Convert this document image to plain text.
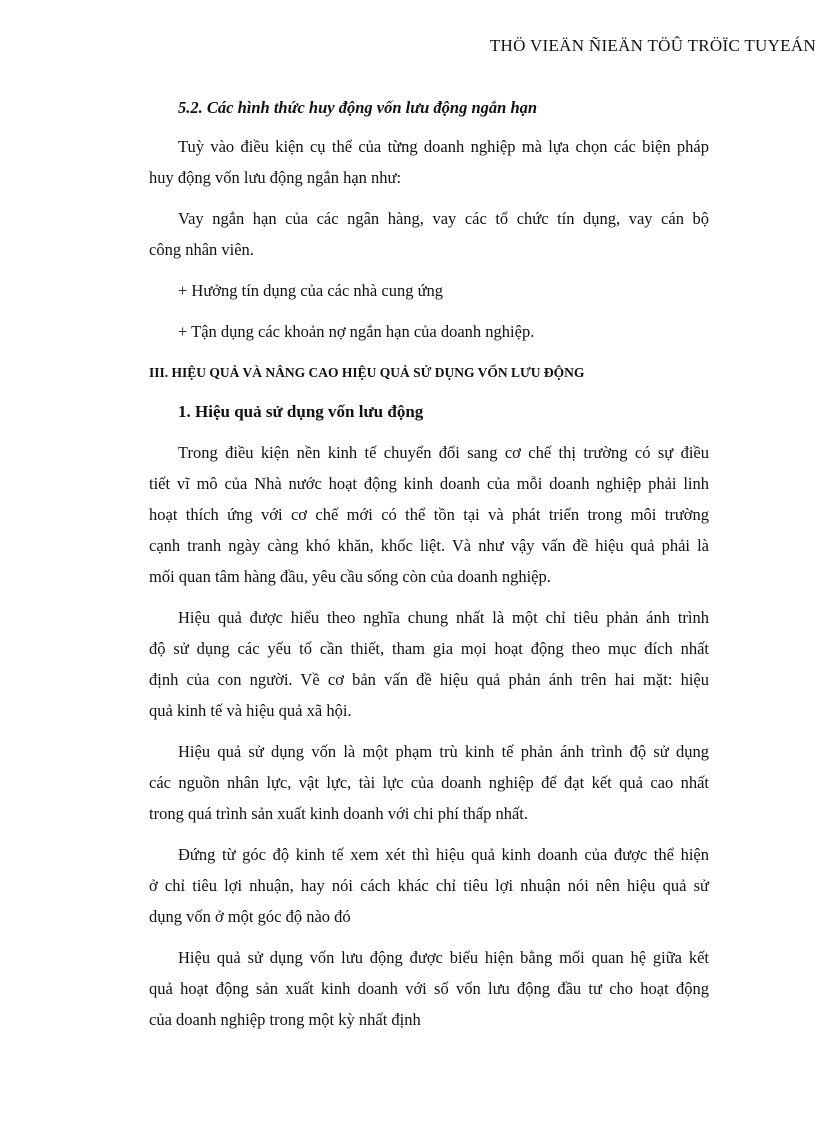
THÖ VIEÄN ÑIEÄN TÖÛ TRÖÏC TUYEÁN
5.2. Các hình thức huy động vốn lưu động ngắn hạn
Tuỳ vào điều kiện cụ thể của từng doanh nghiệp mà lựa chọn các biện pháp
huy động vốn lưu động ngắn hạn như:
Vay ngắn hạn của các ngân hàng, vay các tổ chức tín dụng, vay cán bộ
công nhân viên.
+ Hưởng tín dụng của các nhà cung ứng
+ Tận dụng các khoản nợ ngắn hạn của doanh nghiệp.
III. HIỆU QUẢ VÀ NÂNG CAO HIỆU QUẢ SỬ DỤNG VỐN LƯU ĐỘNG
1. Hiệu quả sử dụng vốn lưu động
Trong điều kiện nền kinh tế chuyển đổi sang cơ chế thị trường có sự điều
tiết vĩ mô của Nhà nước hoạt động kinh doanh của mỗi doanh nghiệp phải linh
hoạt thích ứng với cơ chế mới có thể tồn tại và phát triển trong môi trường
cạnh tranh ngày càng khó khăn, khốc liệt. Và như vậy vấn đề hiệu quả phải là
mối quan tâm hàng đầu, yêu cầu sống còn của doanh nghiệp.
Hiệu quả được hiểu theo nghĩa chung nhất là một chỉ tiêu phản ánh trình
độ sử dụng các yếu tố cần thiết, tham gia mọi hoạt động theo mục đích nhất
định của con người. Về cơ bản vấn đề hiệu quả phản ánh trên hai mặt: hiệu
quả kinh tế và hiệu quả xã hội.
Hiệu quả sử dụng vốn là một phạm trù kinh tế phản ánh trình độ sử dụng
các nguồn nhân lực, vật lực, tài lực của doanh nghiệp để đạt kết quả cao nhất
trong quá trình sản xuất kinh doanh với chi phí thấp nhất.
Đứng từ góc độ kinh tế xem xét thì hiệu quả kinh doanh của được thể hiện
ở chỉ tiêu lợi nhuận, hay nói cách khác chỉ tiêu lợi nhuận nói nên hiệu quả sử
dụng vốn ở một góc độ nào đó
Hiệu quả sử dụng vốn lưu động được biểu hiện bằng mối quan hệ giữa kết
quả hoạt động sản xuất kinh doanh với số vốn lưu động đầu tư cho hoạt động
của doanh nghiệp trong một kỳ nhất định
